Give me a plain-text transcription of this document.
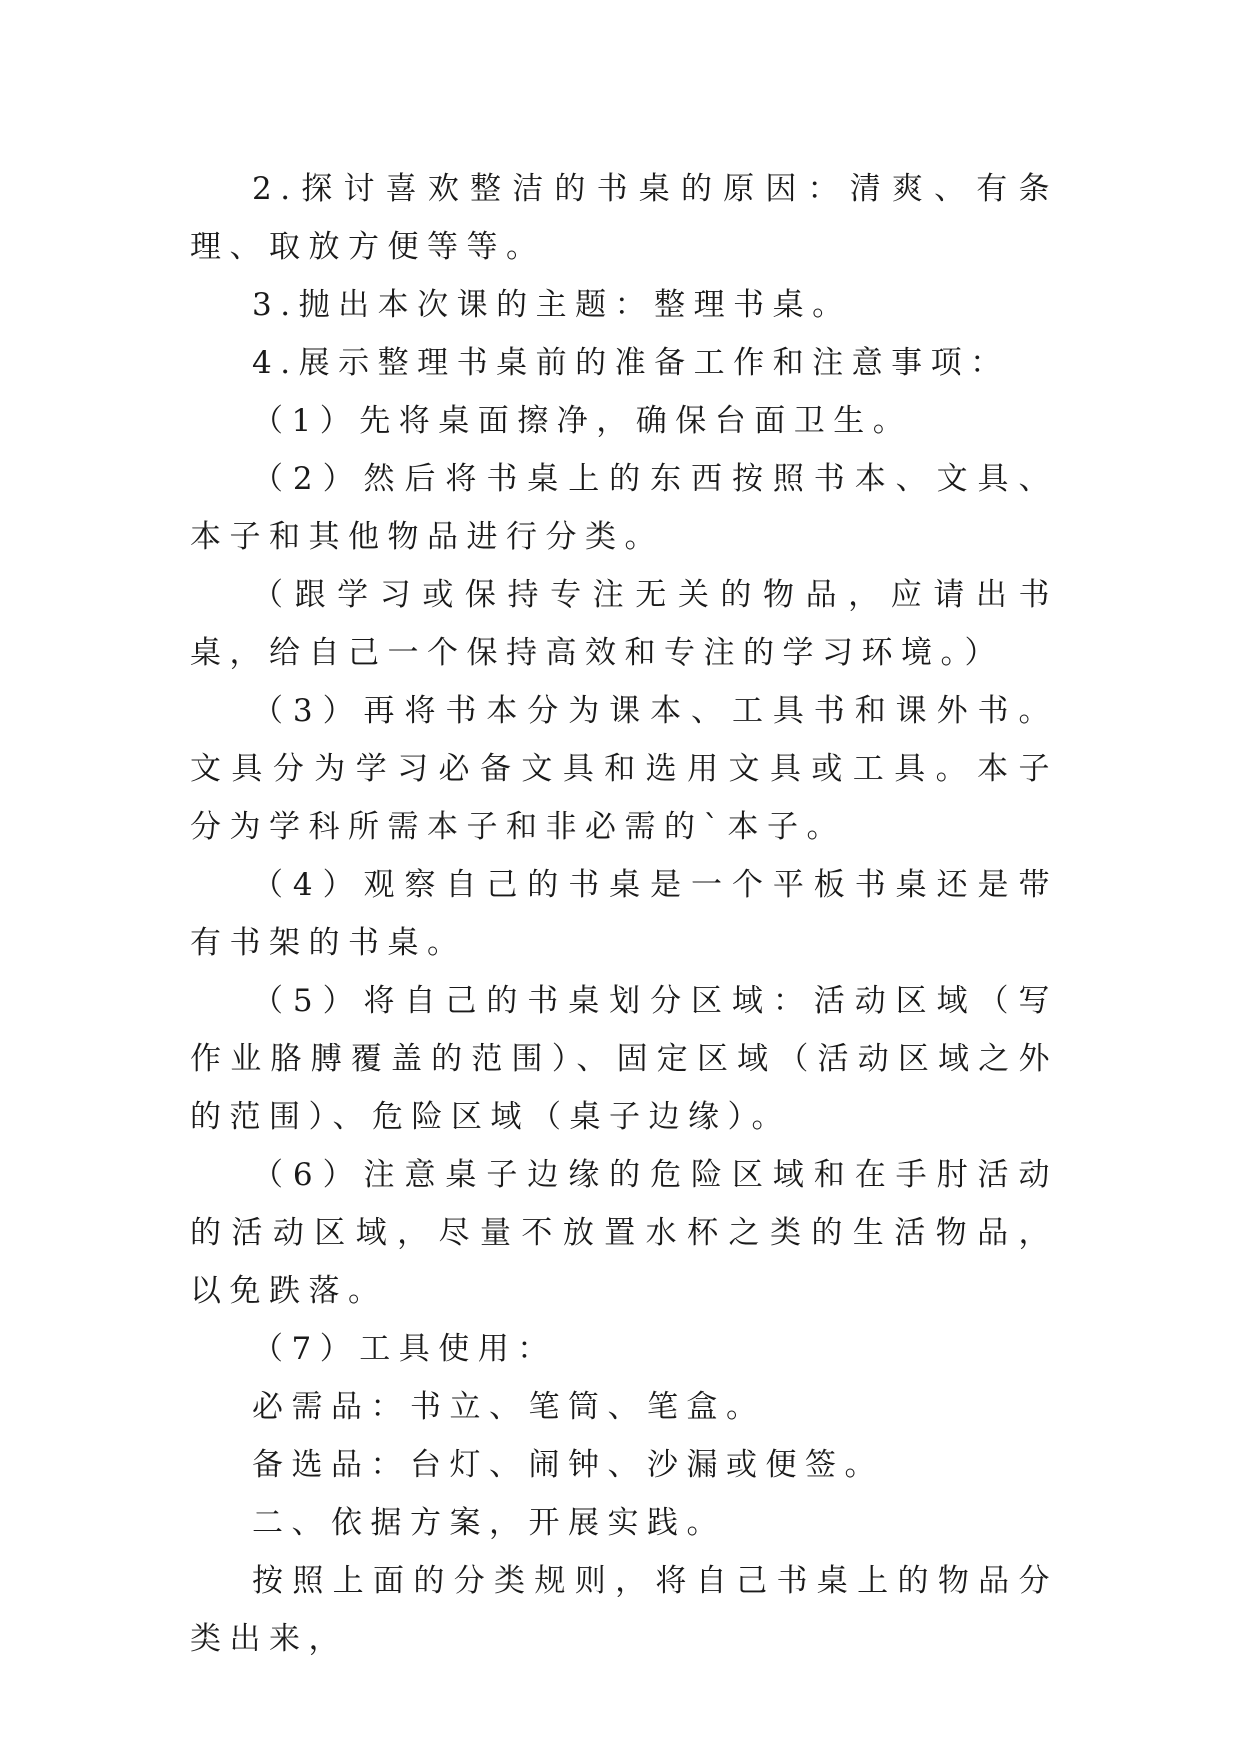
2.探讨喜欢整洁的书桌的原因：清爽、有条理、取放方便等等。

3.抛出本次课的主题：整理书桌。

4.展示整理书桌前的准备工作和注意事项：

（1）先将桌面擦净，确保台面卫生。

（2）然后将书桌上的东西按照书本、文具、本子和其他物品进行分类。

（跟学习或保持专注无关的物品，应请出书桌，给自己一个保持高效和专注的学习环境。）

（3）再将书本分为课本、工具书和课外书。文具分为学习必备文具和选用文具或工具。本子分为学科所需本子和非必需的`本子。

（4）观察自己的书桌是一个平板书桌还是带有书架的书桌。

（5）将自己的书桌划分区域：活动区域（写作业胳膊覆盖的范围）、固定区域（活动区域之外的范围）、危险区域（桌子边缘）。

（6）注意桌子边缘的危险区域和在手肘活动的活动区域，尽量不放置水杯之类的生活物品，以免跌落。

（7）工具使用：

必需品：书立、笔筒、笔盒。

备选品：台灯、闹钟、沙漏或便签。

二、依据方案，开展实践。

按照上面的分类规则，将自己书桌上的物品分类出来，
